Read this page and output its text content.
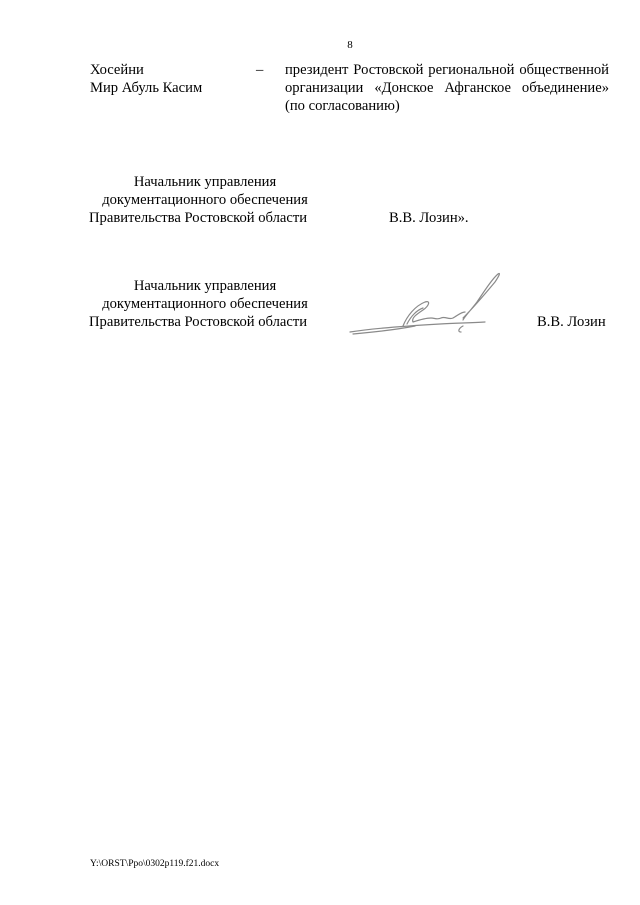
8
Хосейни
Мир Абуль Касим
– президент Ростовской региональной общественной
организации «Донское Афганское объединение»
(по согласованию)
Начальник управления
документационного обеспечения
Правительства Ростовской области	В.В. Лозин».
Начальник управления
документационного обеспечения
Правительства Ростовской области	В.В. Лозин
Y:\ORST\Ppo\0302p119.f21.docx
